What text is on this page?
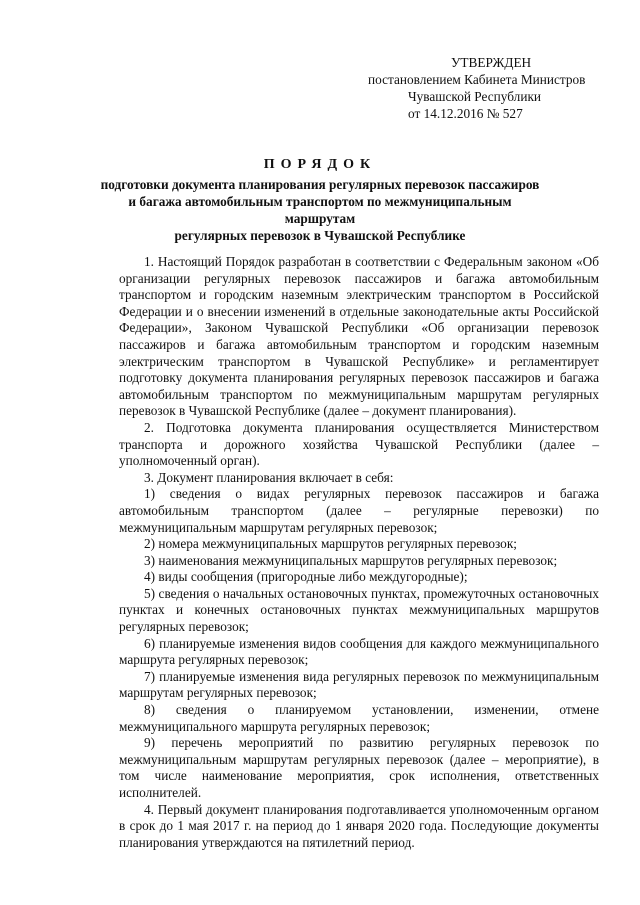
УТВЕРЖДЕН
постановлением Кабинета Министров
Чувашской Республики
от 14.12.2016 № 527
ПОРЯДОК
подготовки документа планирования регулярных перевозок пассажиров
и багажа автомобильным транспортом по межмуниципальным маршрутам
регулярных перевозок в Чувашской Республике

1. Настоящий Порядок разработан в соответствии с Федеральным законом «Об организации регулярных перевозок пассажиров и багажа автомобильным транспортом и городским наземным электрическим транспортом в Российской Федерации и о внесении изменений в отдельные законодательные акты Российской Федерации», Законом Чувашской Республики «Об организации перевозок пассажиров и багажа автомобильным транспортом и городским наземным электрическим транспортом в Чувашской Республике» и регламентирует подготовку документа планирования регулярных перевозок пассажиров и багажа автомобильным транспортом по межмуниципальным маршрутам регулярных перевозок в Чувашской Республике (далее – документ планирования).

2. Подготовка документа планирования осуществляется Министерством транспорта и дорожного хозяйства Чувашской Республики (далее – уполномоченный орган).

3. Документ планирования включает в себя:

1) сведения о видах регулярных перевозок пассажиров и багажа автомобильным транспортом (далее – регулярные перевозки) по межмуниципальным маршрутам регулярных перевозок;

2) номера межмуниципальных маршрутов регулярных перевозок;

3) наименования межмуниципальных маршрутов регулярных перевозок;

4) виды сообщения (пригородные либо междугородные);

5) сведения о начальных остановочных пунктах, промежуточных остановочных пунктах и конечных остановочных пунктах межмуниципальных маршрутов регулярных перевозок;

6) планируемые изменения видов сообщения для каждого межмуниципального маршрута регулярных перевозок;

7) планируемые изменения вида регулярных перевозок по межмуниципальным маршрутам регулярных перевозок;

8) сведения о планируемом установлении, изменении, отмене межмуниципального маршрута регулярных перевозок;

9) перечень мероприятий по развитию регулярных перевозок по межмуниципальным маршрутам регулярных перевозок (далее – мероприятие), в том числе наименование мероприятия, срок исполнения, ответственных исполнителей.

4. Первый документ планирования подготавливается уполномоченным органом в срок до 1 мая 2017 г. на период до 1 января 2020 года. Последующие документы планирования утверждаются на пятилетний период.
